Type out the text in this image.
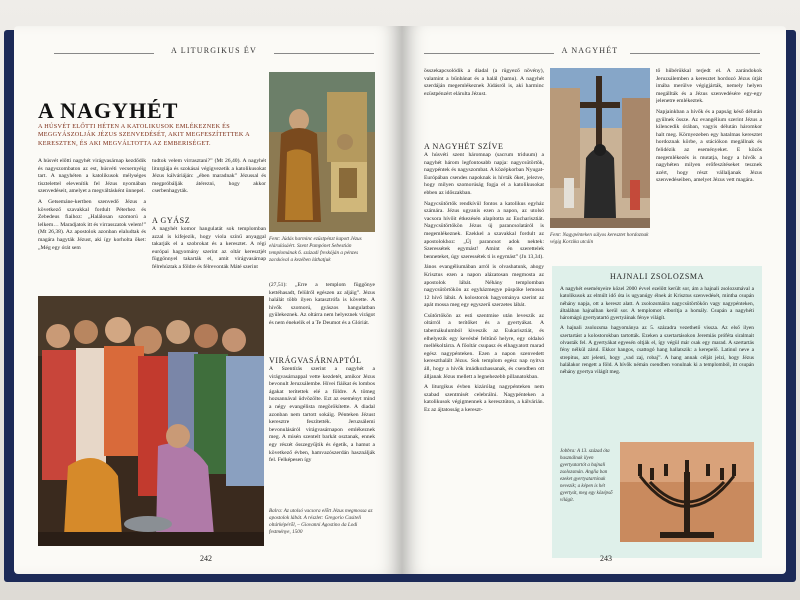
A LITURGIKUS ÉV
A NAGYHÉT
A HÚSVÉT ELŐTTI HÉTEN A KATOLIKUSOK EMLÉKEZNEK ÉS MEGGYÁSZOLJÁK JÉZUS SZENVEDÉSÉT, AKIT MEGFESZÍTETTEK A KERESZTEN, ÉS AKI MEGVÁLTOTTA AZ EMBERISÉGET.

A húsvét előtti nagyhét virágvasárnap kezdődik és nagyszombaton az est, húsvéti vecsernyéig tart. A nagyhéten a katolikusok mélységes tisztelettel elevenítik fel Jézus nyomában szenvedéseit, amelyet a megváltásként ünnepel.

A Getsemáne-kertben szenvedő Jézus a következő szavakkal fordult Péterhez és Zebedeus fiaihoz: „Halálosan szomorú a lelkem… Maradjatok itt és virrasszatok velem!” (Mt 26,38). Az apostolok azonban elaludtak és magára hagyták Jézust, aki így korholta őket: „Még egy órát sem

tudtok velem virrasztani?” (Mt 26,40). A nagyhét liturgiája és szokásai végigvezetik a katolikusokat Jézus kálváriáján: „ében maradnak” Jézussal és megpróbálják átérezni, hogy akkor cserbenhagyták.

A GYÁSZ

A nagyhét komor hangulatát sok templomban azzal is kifejezik, hogy viola színű anyaggal takarják el a szobrokat és a keresztet. A régi európai hagyomány szerint az oltár keresztjét függönnyel takarták el, amit virágvasárnap félrehúztak a földre és félrevonták Máté szerint

Fent: Júdás harminc ezüstpénzt kapott Jézus elárulásáért. Szent Pampónet Sebestián templomának 6. századi freskóján a pénzes zacskóval a kezében láthatjuk

(27,51): „Erre a templom függönye kettéhasadt, felülről egészen az aljáig”. Jézus halálát több ilyen katasztrófa is követte. A hívők szomorú, gyászos hangulatban gyülekeznek. Az oltárra nem helyeznek virágot és nem énekelik el a Te Deumot és a Glóriát.

VIRÁGVASÁRNAPTÓL

A Szentírás szerint a nagyhét a virágvasárnappal vette kezdetét, amikor Jézus bevonult Jeruzsálembe. Hívei fiáikat és lombos ágakat terítettek elé a földre. A tömeg hozsannával üdvözölte. Ezt az eseményt mind a négy evangélista megörökítette. A diadal azonban nem tartott sokáig. Pénteken Jézust keresztre feszítették. Jeruzsálemi bevonulásáról virágvasárnapon emlékeznek meg. A misén szentelt barkát osztanak, ennek egy részét összegyűjtik és égetik, a hamut a következő évben, hamvazószerdán használják fel. Felképesen így

Balra: Az utolsó vacsora előtt Jézus megmossa az apostolok lábát. A részlet: Gregorio Casiteli oltárképéről, – Giovanni Agostino da Lodi festménye, 1500
242
A NAGYHÉT

összekapcsolódik a diadal (a rügyező növény), valamint a bűnbánat és a halál (hamu). A nagyhét szerdáján megemlékeznek Júdásról is, aki harminc ezüstpénzért elárulta Jézust.

A NAGYHÉT SZÍVE

A húsvéti szent háromnap (sacrum triduum) a nagyhét három legfontosabb napja: nagycsütörtök, nagypéntek és nagyszombat. A középkorban Nyugat-Európában csendes napoknak is hívták őket, jelezve, hogy milyen szomorúság fogja el a katolikusokat ebben az időszakban.

Nagycsütörtök rendkívül fontos a katolikus egyház számára. Jézus ugyanis ezen a napon, az utolsó vacsora hívőit étkezésén alapította az Eucharisztiát. Nagycsütörtökön Jézus új parancsolatáról is megemlékeznek. Ezekkel a szavakkal fordult az apostolokhoz: „Új parancsot adok nektek: Szeressétek egymást! Amint én szerettelek benneteket, úgy szeressétek ti is egymást” (Jn 13,34).

János evangéliumában arról is olvashatunk, ahogy Krisztus ezen a napon alázatosan megmosta az apostolok lábát. Néhány templomban nagycsütörtökön az egyházmegye püspöke lemossa 12 hívő lábát. A kolostorok hagyománya szerint az apát mossa meg egy egyszerű szerzetes lábát.

Csütörtökön az esti szentmise után leveszik az oltárról a terítőket és a gyertyákat. A tabernákulumból kiveszik az Eukarisztiát, és elhelyezik egy kevésbé feltűnő helyre, egy oldalsó mellékoltárra. A főoltár csupasz és elhagyatott marad egész nagypénteken. Ezen a napon szenvedett kereszthalált Jézus. Sok templom egész nap nyitva áll, hogy a hívők imádkozhassanak, és csendben ott álljanak Jézus mellett a legnehezebb pillanatokban.

A liturgikus évben kizárólag nagypénteken nem szabad szentmisét celebrálni. Nagypénteken a katolikusok végigmennek a keresztúton, a kálvárián. Ez az ájtatosság a kereszt-

Fent: Nagypénteken súlyos keresztet hordoznak végig Korzika utcáin

tő hűbérükkal terjedt el. A zarándokok Jeruzsálemben a keresztet hordozó Jézus útját imába merülve végigjárták, nemely helyen megállták és a Jézus szenvedésére egy-egy jelenetre emlékeztek.

Napjainkban a hívők és a papság késő délután gyűlnek össze. Az evangélium szerint Jézus a kilencedik órában, vagyis délután háromkor halt meg. Környezeben egy hatalmas keresztet hordoznak körbe, a stációkon megállnak és felidézik az eseményeket. E közös megemlékezés is mutatja, hogy a hívők a nagyhéten milyen erőfeszítéseket tesznek azért, hogy részt vállaljanak Jézus szenvedéseiben, amelyet Jézus vett magára.

HAJNALI ZSOLOZSMA

A nagyhét eseményeire közel 2000 évvel ezelőtt került sor, ám a hajnali zsolozsmával a katolikusok az elmúlt idő óta is ugyanúgy élnek át Krisztus szenvedését, mintha csupán néhány napja, ott a kereszt alatt. A zsolozsmáira nagycsütörtökön vagy nagypénteken, általában hajnalban kerül sor. A templomot elborítja a homály. Csupán a nagyhéti háromágú gyertyatartó gyertyáinak fénye világít.

A hajnali zsolozsma hagyománya az 5. századra vezethető vissza. Az első ilyen szertartást a kolostorokban tartották. Ezeken a szertartásokon Jeremiás próféta siralmait olvasták fel. A gyertyákat egyesén oltják el, így végül már csak egy marad. A szertartás fény nélkül zárul. Ekkor hangos, csattogó hang hallatszik: a kerepelő. Latinul neve a strepitus, azt jelenti, hogy „vad zaj, robaj”. A hang annak célját jelzi, hogy Jézus halálakor rengett a föld. A hívők némán csendben vonulnak ki a templomból, itt csupán néhány gyertya világít meg.

Jobbra: A 13. század óta használnak ilyen gyertyatartót a hajnali zsolozsmán. Anglia ban ezeket gyertyatartónak nevezik; a képen is hét gyertyát, meg egy középső világít.
243
